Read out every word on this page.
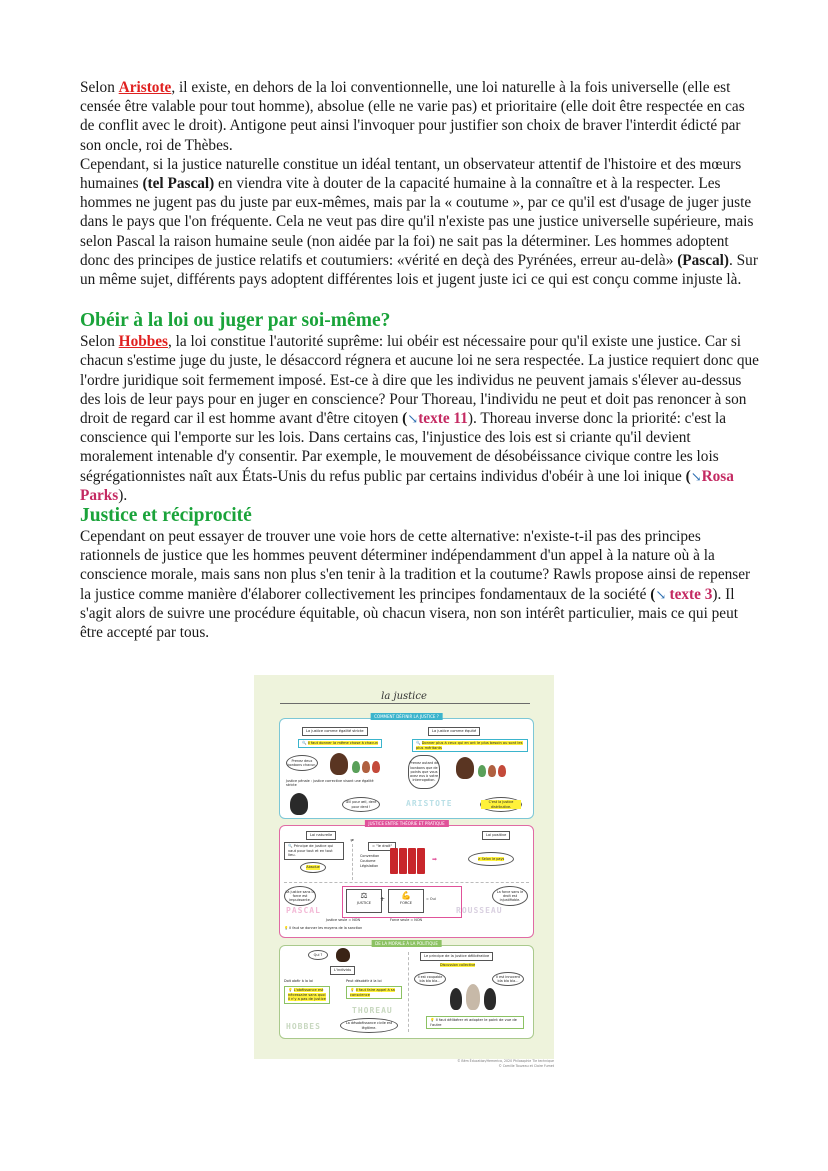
Selon Aristote, il existe, en dehors de la loi conventionnelle, une loi naturelle à la fois universelle (elle est censée être valable pour tout homme), absolue (elle ne varie pas) et prioritaire (elle doit être respectée en cas de conflit avec le droit). Antigone peut ainsi l'invoquer pour justifier son choix de braver l'interdit édicté par son oncle, roi de Thèbes.

Cependant, si la justice naturelle constitue un idéal tentant, un observateur attentif de l'histoire et des mœurs humaines (tel Pascal) en viendra vite à douter de la capacité humaine à la connaître et à la respecter. Les hommes ne jugent pas du juste par eux-mêmes, mais par la « coutume », par ce qu'il est d'usage de juger juste dans le pays que l'on fréquente. Cela ne veut pas dire qu'il n'existe pas une justice universelle supérieure, mais selon Pascal la raison humaine seule (non aidée par la foi) ne sait pas la déterminer. Les hommes adoptent donc des principes de justice relatifs et coutumiers: «vérité en deçà des Pyrénées, erreur au-delà» (Pascal). Sur un même sujet, différents pays adoptent différentes lois et jugent juste ici ce qui est conçu comme injuste là.

Obéir à la loi ou juger par soi-même?

Selon Hobbes, la loi constitue l'autorité suprême: lui obéir est nécessaire pour qu'il existe une justice. Car si chacun s'estime juge du juste, le désaccord régnera et aucune loi ne sera respectée. La justice requiert donc que l'ordre juridique soit fermement imposé. Est-ce à dire que les individus ne peuvent jamais s'élever au-dessus des lois de leur pays pour en juger en conscience? Pour Thoreau, l'individu ne peut et doit pas renoncer à son droit de regard car il est homme avant d'être citoyen (↘texte 11). Thoreau inverse donc la priorité: c'est la conscience qui l'emporte sur les lois. Dans certains cas, l'injustice des lois est si criante qu'il devient moralement intenable d'y consentir. Par exemple, le mouvement de désobéissance civique contre les lois ségrégationnistes naît aux États-Unis du refus public par certains individus d'obéir à une loi inique (↘Rosa Parks).

Justice et réciprocité

Cependant on peut essayer de trouver une voie hors de cette alternative: n'existe-t-il pas des principes rationnels de justice que les hommes peuvent déterminer indépendamment d'un appel à la nature où à la conscience morale, mais sans non plus s'en tenir à la tradition et la coutume? Rawls propose ainsi de repenser la justice comme manière d'élaborer collectivement les principes fondamentaux de la société (↘ texte 3). Il s'agit alors de suivre une procédure équitable, où chacun visera, non son intérêt particulier, mais ce qui peut être accepté par tous.

la justice
COMMENT DÉFINIR LA JUSTICE ?
La justice comme égalité stricte
🔍 Il faut donner la même chose à chacun
Prenez deux bonbons chacun.
Justice pénale : justice corrective visant une égalité stricte
Œil pour œil, dent pour dent !
La justice comme équité
🔍 Donner plus à ceux qui en ont le plus besoin ou sont les plus méritants
Prenez autant de bonbons que de points que vous avez eus à votre interrogation.
ARISTOTE	C'est la justice distributive.
JUSTICE ENTRE THÉORIE ET PRATIQUE
Loi naturelle
🔍 Principe de justice qui vaut pour tout et en tout lieu.
Absolue
≠
= "le droit"
Convention
Coutume
Législation
➡
Loi positive
≠ Selon le pays
La justice sans la force est impuissante.
⚖
JUSTICE	+	💪
FORCE
= Oui
La force sans le droit est injustifiable.
PASCAL	ROUSSEAU
Justice seule = NON	Force seule = NON
💡 Il faut se donner les moyens de la sanction
DE LA MORALE À LA POLITIQUE
Qui ?
L'individu
Doit obéir à la loi	Peut désobéir à la loi
💡 L'obéissance est nécessaire sans quoi il n'y a pas de justice
💡 Il faut faire appel à sa conscience
THOREAU
HOBBES	La désobéissance civile est légitime.
Le principe de la justice délibérative
Discussion collective
Il est coupable bla bla bla...
Il est innocent bla bla bla...
💡 Il faut délibérer et adopter le point de vue de l'autre
© Bém Éducation/Hemerica, 2020 Philosophie Tle technique
© Camille Touzeau et Claire Fumet
